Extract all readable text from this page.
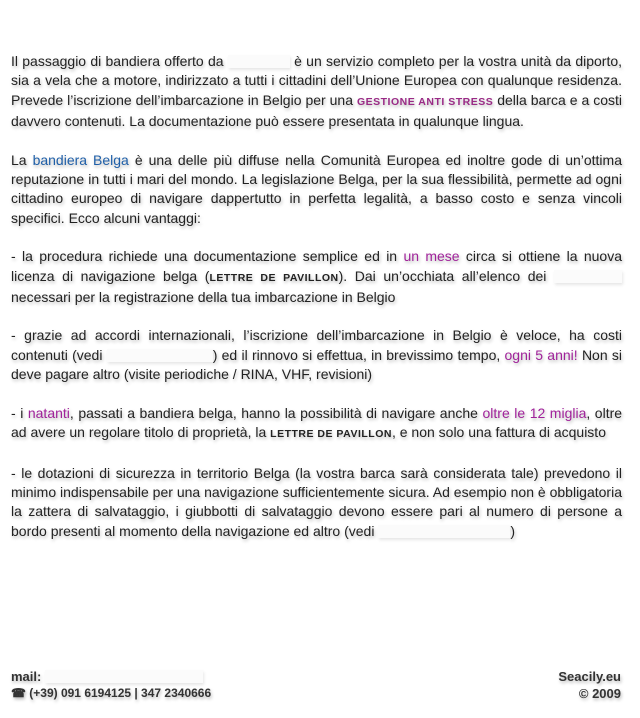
Il passaggio di bandiera offerto da	è un servizio completo per la vostra unità da diporto, sia a vela che a motore, indirizzato a tutti i cittadini dell’Unione Europea con qualunque residenza. Prevede l’iscrizione dell’imbarcazione in Belgio per una GESTIONE ANTI STRESS della barca e a costi davvero contenuti. La documentazione può essere presentata in qualunque lingua.

La bandiera Belga è una delle più diffuse nella Comunità Europea ed inoltre gode di un’ottima reputazione in tutti i mari del mondo. La legislazione Belga, per la sua flessibilità, permette ad ogni cittadino europeo di navigare dappertutto in perfetta legalità, a basso costo e senza vincoli specifici. Ecco alcuni vantaggi:

- la procedura richiede una documentazione semplice ed in un mese circa si ottiene la nuova licenza di navigazione belga (LETTRE DE PAVILLON). Dai un’occhiata all’elenco dei  necessari per la registrazione della tua imbarcazione in Belgio

- grazie ad accordi internazionali, l’iscrizione dell’imbarcazione in Belgio è veloce, ha costi contenuti (vedi	) ed il rinnovo si effettua, in brevissimo tempo, ogni 5 anni! Non si deve pagare altro (visite periodiche / RINA, VHF, revisioni)

- i natanti, passati a bandiera belga, hanno la possibilità di navigare anche oltre le 12 miglia, oltre ad avere un regolare titolo di proprietà, la LETTRE DE PAVILLON, e non solo una fattura di acquisto

- le dotazioni di sicurezza in territorio Belga (la vostra barca sarà considerata tale) prevedono il minimo indispensabile per una navigazione sufficientemente sicura. Ad esempio non è obbligatoria la zattera di salvataggio, i giubbotti di salvataggio devono essere pari al numero di persone a bordo presenti al momento della navigazione ed altro (vedi	)

mail:
☎ (+39) 091 6194125 | 347 2340666
Seacily.eu
© 2009
